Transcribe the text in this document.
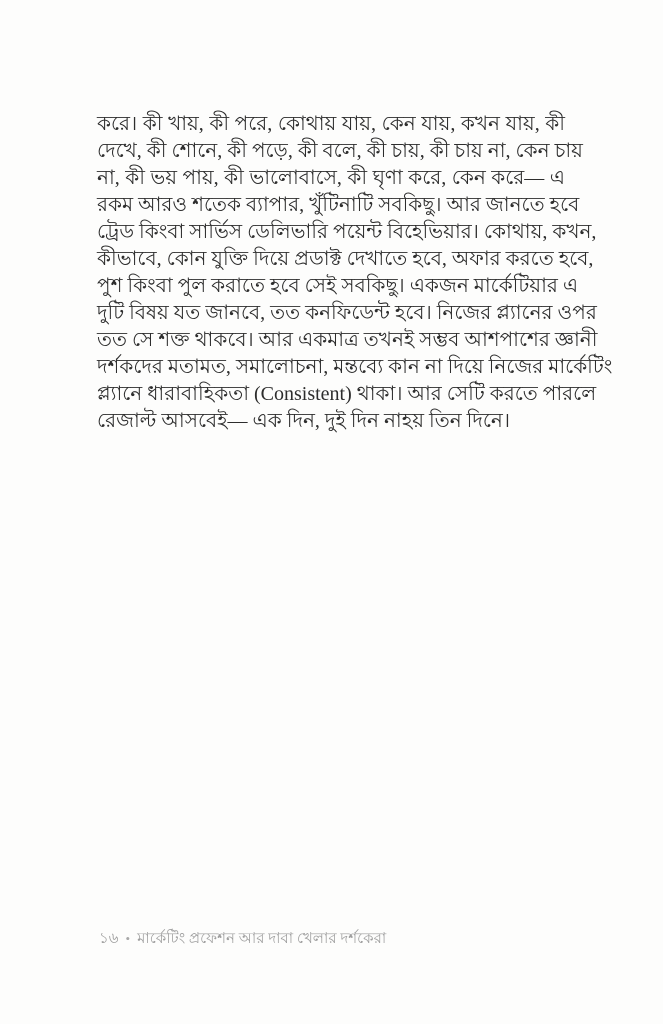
করে। কী খায়, কী পরে, কোথায় যায়, কেন যায়, কখন যায়, কী
দেখে, কী শোনে, কী পড়ে, কী বলে, কী চায়, কী চায় না, কেন চায়
না, কী ভয় পায়, কী ভালোবাসে, কী ঘৃণা করে, কেন করে— এ
রকম আরও শতেক ব্যাপার, খুঁটিনাটি সবকিছু। আর জানতে হবে
ট্রেড কিংবা সার্ভিস ডেলিভারি পয়েন্ট বিহেভিয়ার। কোথায়, কখন,
কীভাবে, কোন যুক্তি দিয়ে প্রডাক্ট দেখাতে হবে, অফার করতে হবে,
পুশ কিংবা পুল করাতে হবে সেই সবকিছু। একজন মার্কেটিয়ার এ
দুটি বিষয় যত জানবে, তত কনফিডেন্ট হবে। নিজের প্ল্যানের ওপর
তত সে শক্ত থাকবে। আর একমাত্র তখনই সম্ভব আশপাশের জ্ঞানী
দর্শকদের মতামত, সমালোচনা, মন্তব্যে কান না দিয়ে নিজের মার্কেটিং
প্ল্যানে ধারাবাহিকতা (Consistent) থাকা। আর সেটি করতে পারলে
রেজাল্ট আসবেই— এক দিন, দুই দিন নাহয় তিন দিনে।
১৬ • মার্কেটিং প্রফেশন আর দাবা খেলার দর্শকেরা
